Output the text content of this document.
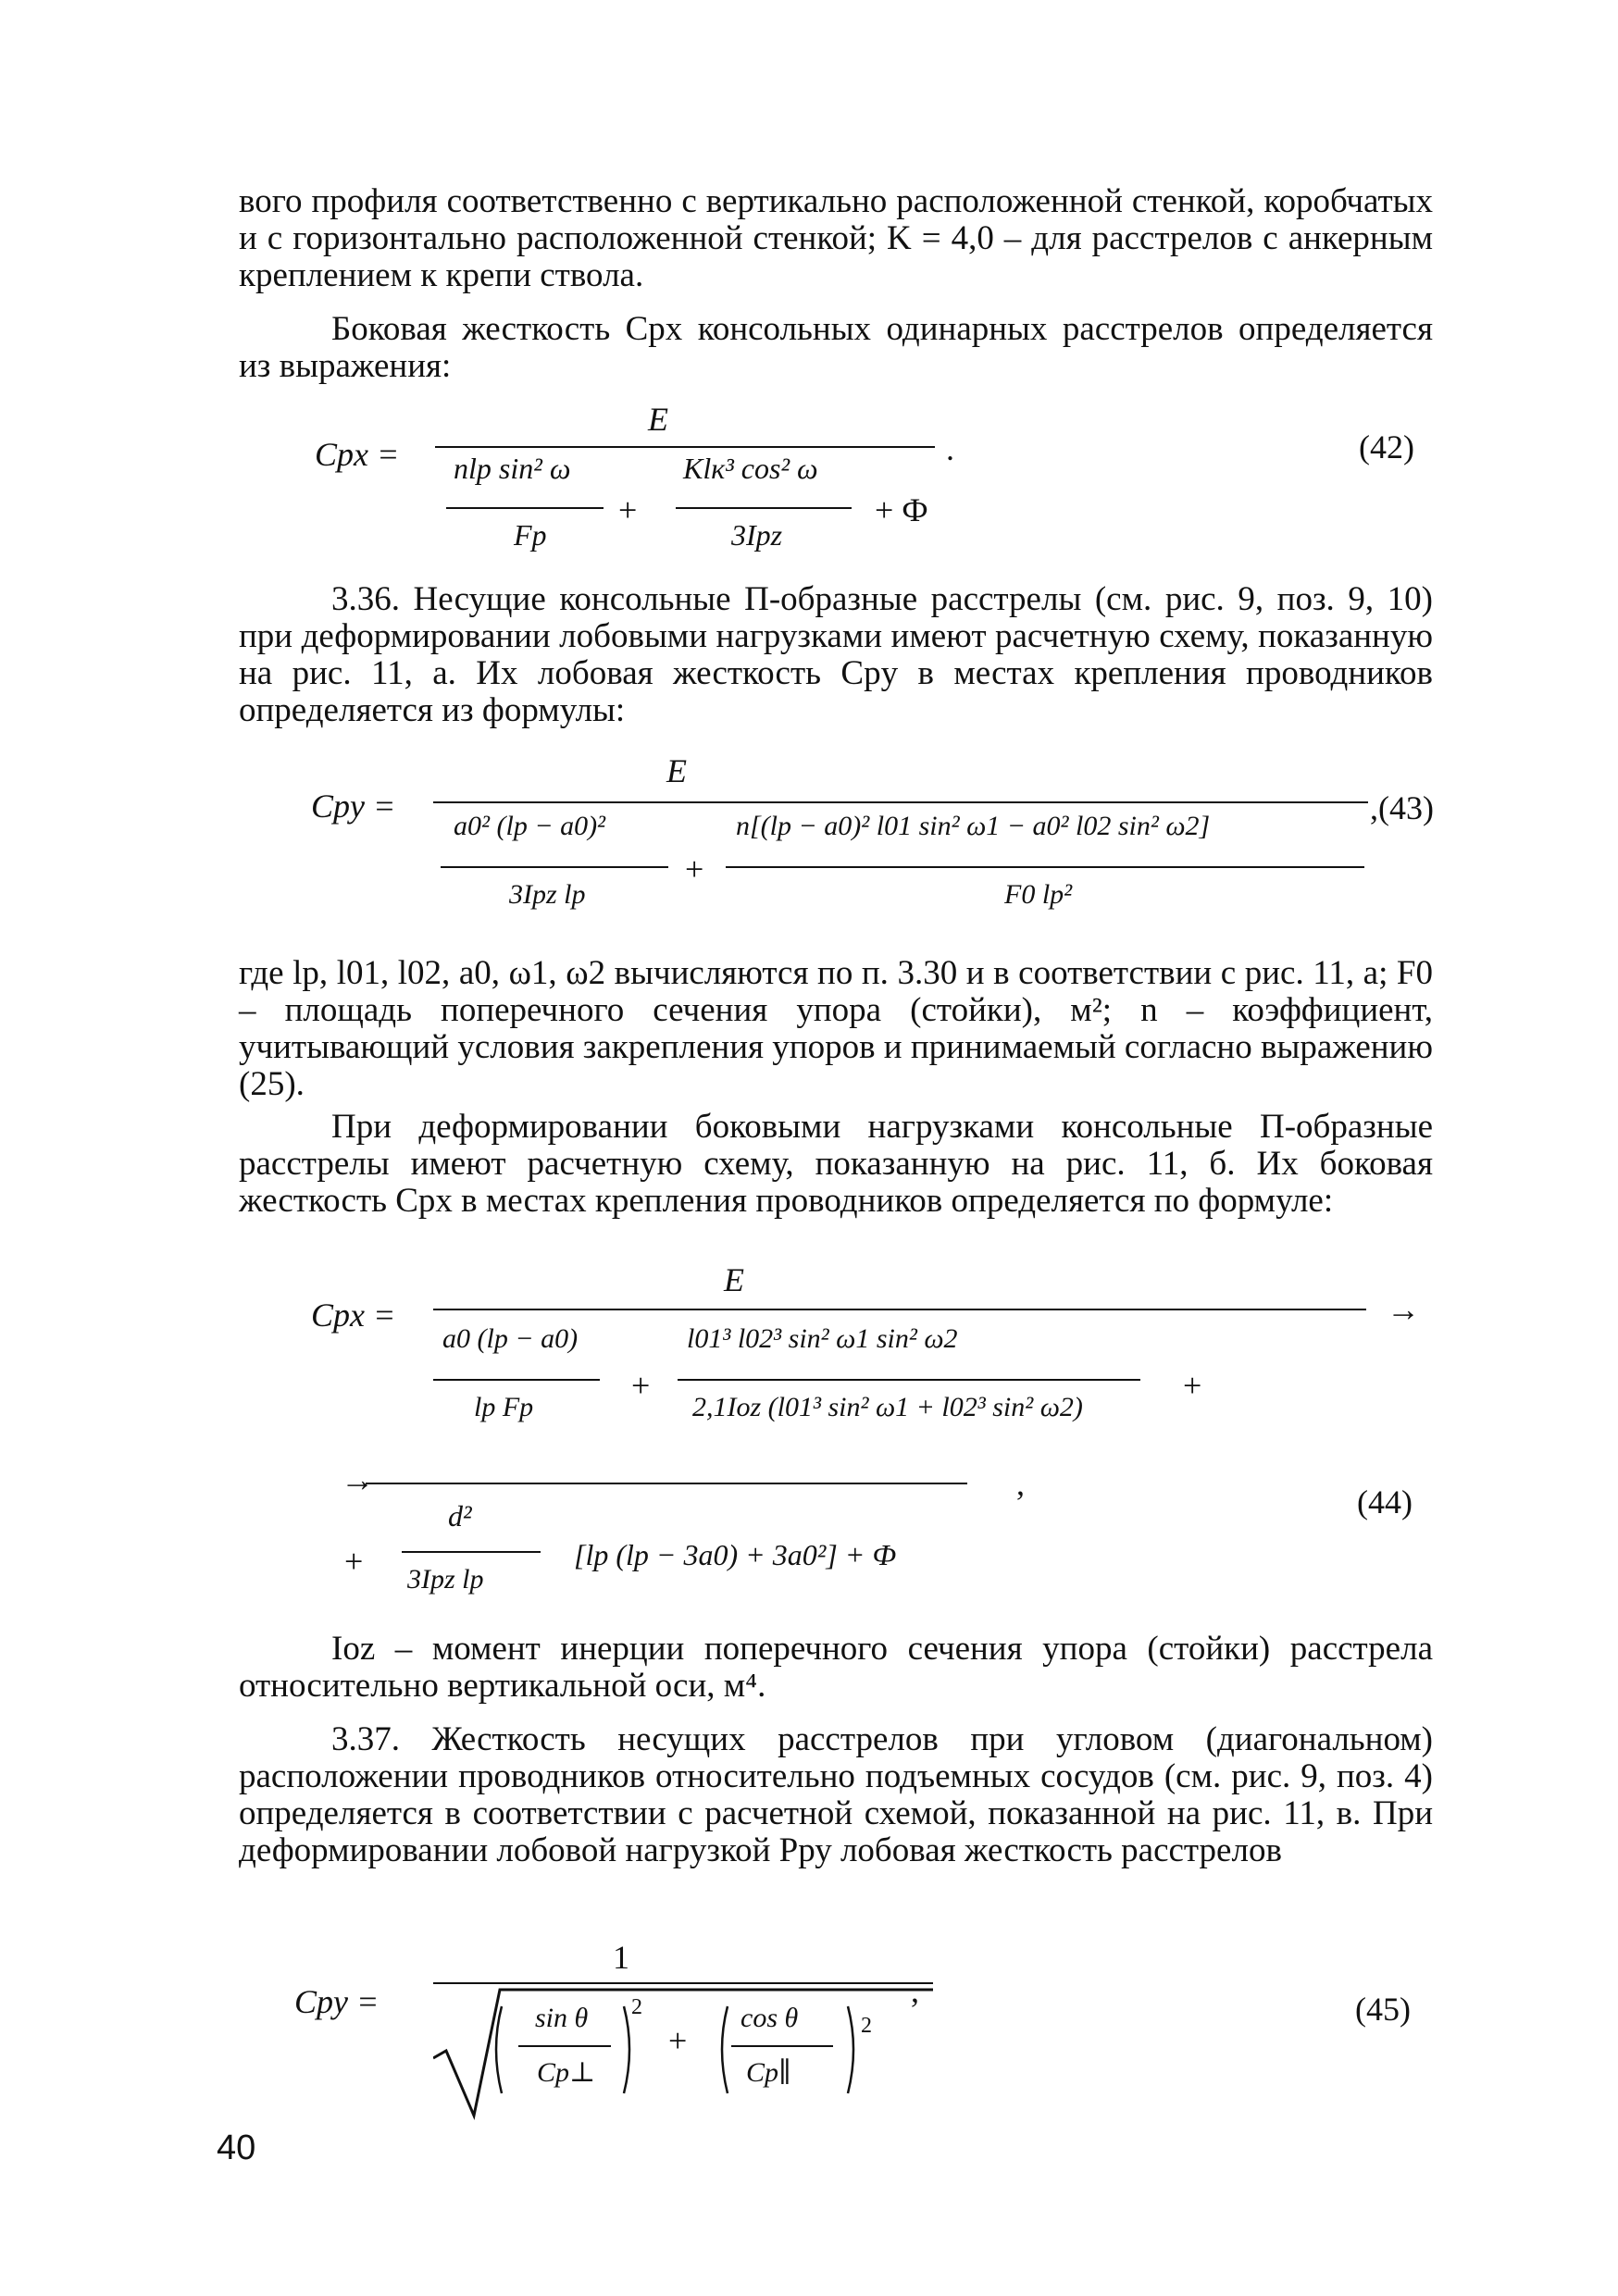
вого профиля соответственно с вертикально расположенной стенкой, коробчатых и с горизонтально расположенной стенкой; K = 4,0 – для расстрелов с анкерным креплением к крепи ствола.

Боковая жесткость Cpx консольных одинарных расстрелов определяется из выражения:

Cpx =
E
nlp sin² ω
Fp
+
Klк³ cos² ω
3Ipz
+ Ф
.	(42)

3.36. Несущие консольные П-образные расстрелы (см. рис. 9, поз. 9, 10) при деформировании лобовыми нагрузками имеют расчетную схему, показанную на рис. 11, а. Их лобовая жесткость Cpy в местах крепления проводников определяется из формулы:

Cpy =
E
a0² (lp − a0)²
3Ipz lp
+
n[(lp − a0)² l01 sin² ω1 − a0² l02 sin² ω2]
F0 lp²
,(43)

где lp, l01, l02, a0, ω1, ω2 вычисляются по п. 3.30 и в соответствии с рис. 11, а; F0 – площадь поперечного сечения упора (стойки), м²; n – коэффициент, учитывающий условия закрепления упоров и принимаемый согласно выражению (25).

При деформировании боковыми нагрузками консольные П-образные расстрелы имеют расчетную схему, показанную на рис. 11, б. Их боковая жесткость Cpx в местах крепления проводников определяется по формуле:

Cpx =
E
→
a0 (lp − a0)
lp Fp
+
l01³ l02³ sin² ω1 sin² ω2
2,1Ioz (l01³ sin² ω1 + l02³ sin² ω2)
+
→	,
+
d²
3Ipz lp
[lp (lp − 3a0) + 3a0²] + Ф
(44)

Ioz – момент инерции поперечного сечения упора (стойки) расстрела относительно вертикальной оси, м⁴.

3.37. Жесткость несущих расстрелов при угловом (диагональном) расположении проводников относительно подъемных сосудов (см. рис. 9, поз. 4) определяется в соответствии с расчетной схемой, показанной на рис. 11, в. При деформировании лобовой нагрузкой Pру лобовая жесткость расстрелов

Cpy =
1
sin θ
Cp⊥
2
+
cos θ
Cp∥
2
,	(45)
40
